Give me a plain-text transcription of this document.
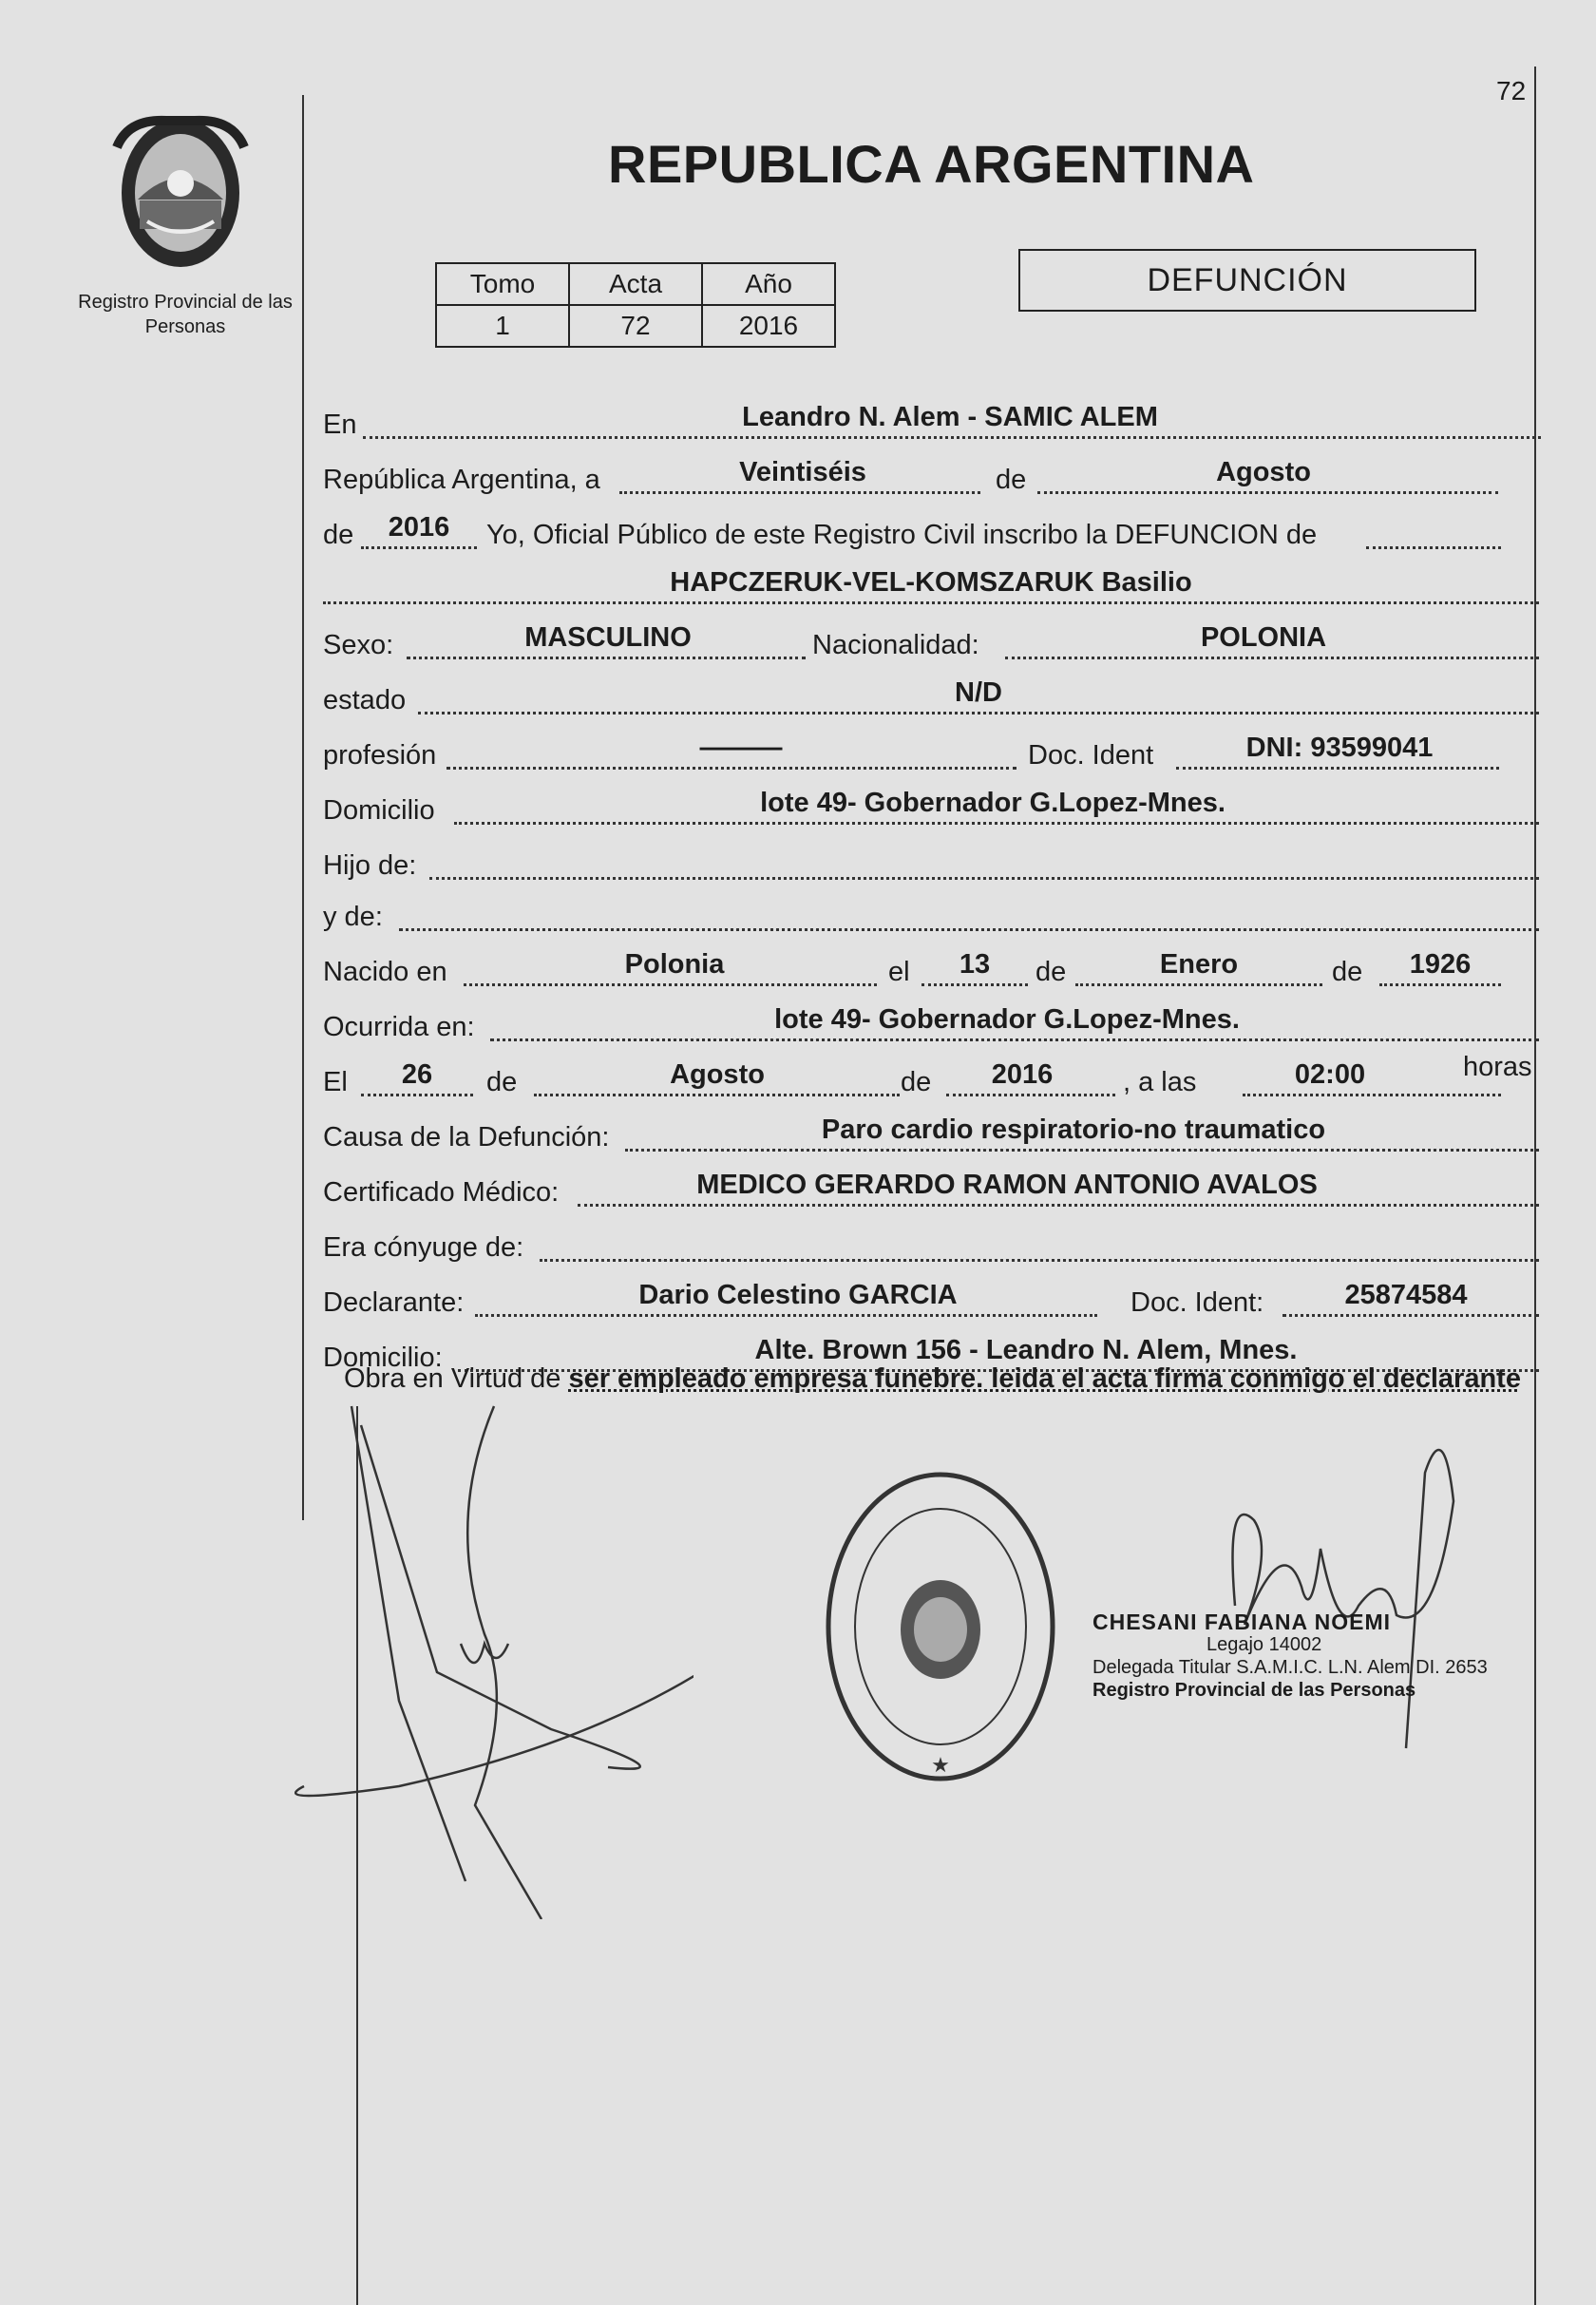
72
Registro Provincial de las Personas
REPUBLICA ARGENTINA
Tomo	Acta	Año
1	72	2016
DEFUNCIÓN
En	Leandro N. Alem - SAMIC ALEM
República Argentina, a	Veintiséis	de	Agosto
de 2016 Yo, Oficial Público de este Registro Civil inscribo la DEFUNCION de
HAPCZERUK-VEL-KOMSZARUK Basilio
Sexo:	MASCULINO	Nacionalidad:	POLONIA
estado	N/D
profesión	———	Doc. Ident	DNI: 93599041
Domicilio	lote 49- Gobernador G.Lopez-Mnes.
Hijo de:
y de:
Nacido en	Polonia	el 13 de	Enero	de 1926
Ocurrida en:	lote 49- Gobernador G.Lopez-Mnes.
El 26 de	Agosto	de 2016	, a las	02:00	horas
Causa de la Defunción:	Paro cardio respiratorio-no traumatico
Certificado Médico:	MEDICO GERARDO RAMON ANTONIO AVALOS
Era cónyuge de:
Declarante:	Dario Celestino GARCIA	Doc. Ident:	25874584
Domicilio:	Alte. Brown 156 - Leandro N. Alem, Mnes.
Obra en Virtud de ser empleado empresa funebre. leida el acta firma conmigo el declarante
★
CHESANI FABIANA NOEMI
Legajo 14002
Delegada Titular S.A.M.I.C. L.N. Alem DI. 2653
Registro Provincial de las Personas
